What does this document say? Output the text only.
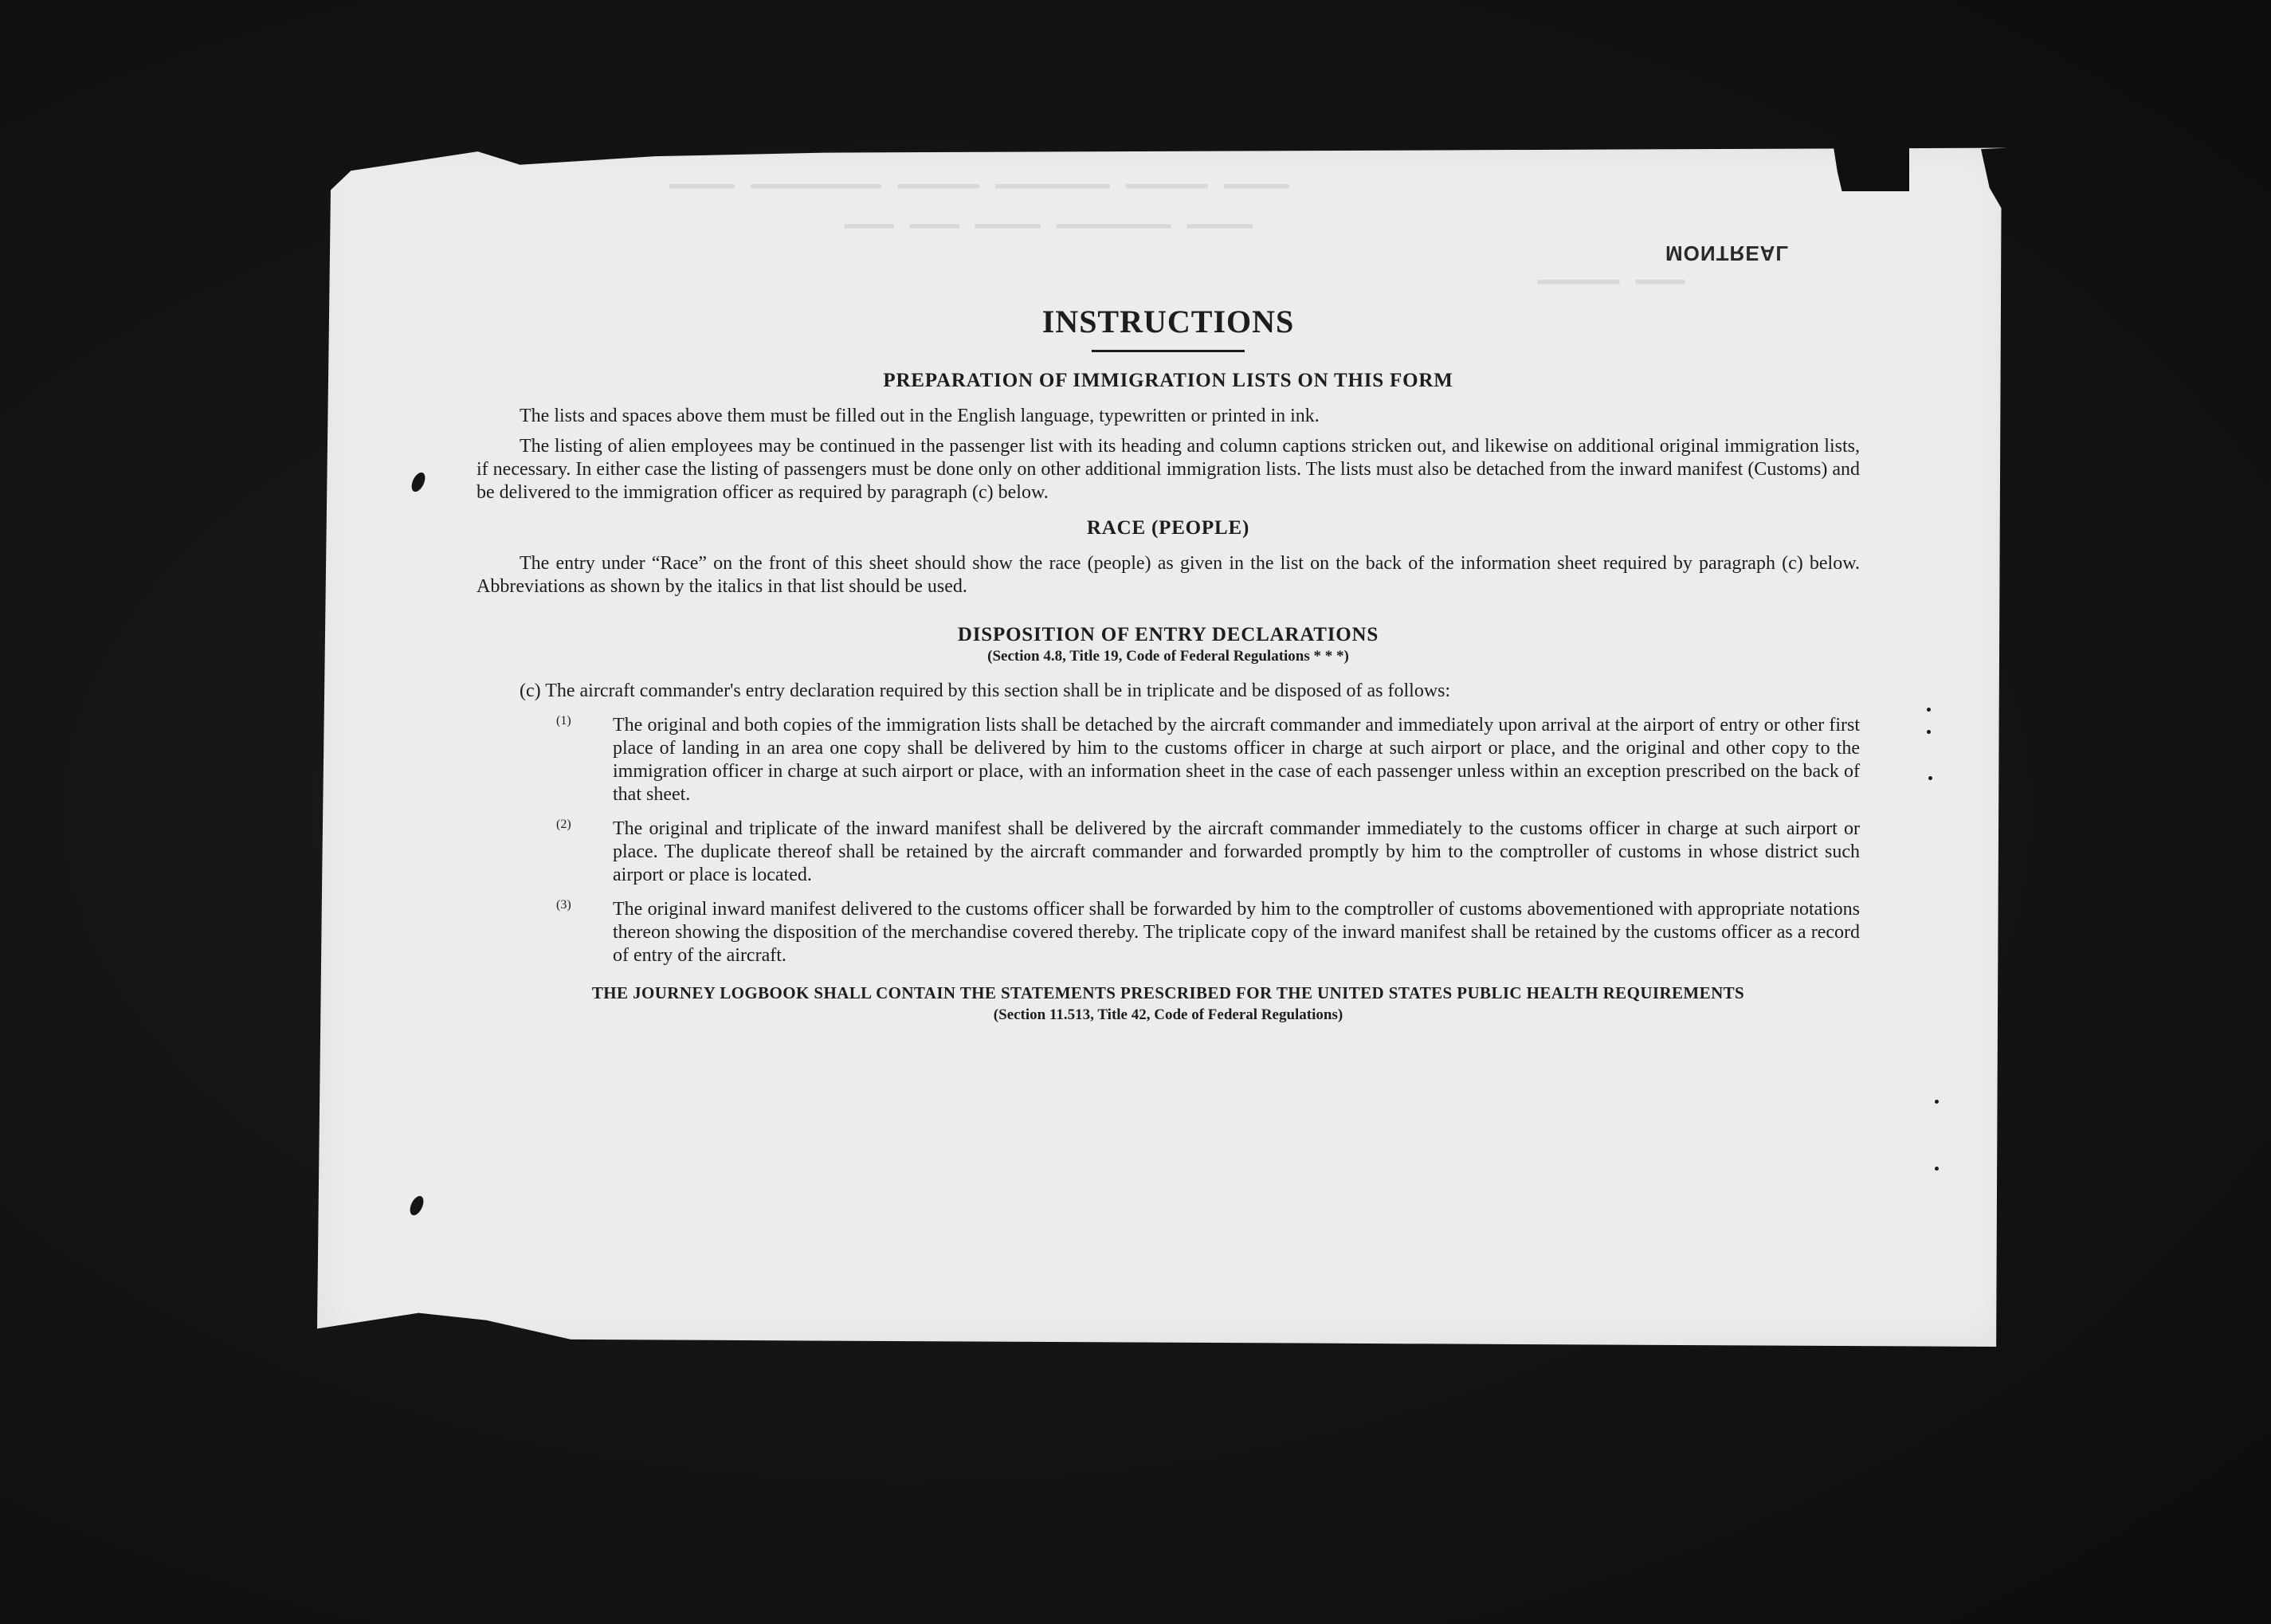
▔▔▔▔ ▔▔▔▔▔▔▔▔ ▔▔▔▔▔ ▔▔▔▔▔▔▔ ▔▔▔▔▔ ▔▔▔▔
▔▔▔ ▔▔▔ ▔▔▔▔ ▔▔▔▔▔▔▔ ▔▔▔▔
▔▔▔▔▔ ▔▔▔
MONTREAL
INSTRUCTIONS
PREPARATION OF IMMIGRATION LISTS ON THIS FORM

The lists and spaces above them must be filled out in the English language, typewritten or printed in ink.

The listing of alien employees may be continued in the passenger list with its heading and column captions stricken out, and likewise on additional original immigration lists, if necessary. In either case the listing of passengers must be done only on other additional immigration lists. The lists must also be detached from the inward manifest (Customs) and be delivered to the immigration officer as required by paragraph (c) below.

RACE (PEOPLE)

The entry under “Race” on the front of this sheet should show the race (people) as given in the list on the back of the information sheet required by paragraph (c) below. Abbreviations as shown by the italics in that list should be used.

DISPOSITION OF ENTRY DECLARATIONS
(Section 4.8, Title 19, Code of Federal Regulations * * *)

(c) The aircraft commander's entry declaration required by this section shall be in triplicate and be disposed of as follows:

(1) The original and both copies of the immigration lists shall be detached by the aircraft commander and immediately upon arrival at the airport of entry or other first place of landing in an area one copy shall be delivered by him to the customs officer in charge at such airport or place, and the original and other copy to the immigration officer in charge at such airport or place, with an information sheet in the case of each passenger unless within an exception prescribed on the back of that sheet.

(2) The original and triplicate of the inward manifest shall be delivered by the aircraft commander immediately to the customs officer in charge at such airport or place. The duplicate thereof shall be retained by the aircraft commander and forwarded promptly by him to the comptroller of customs in whose district such airport or place is located.

(3) The original inward manifest delivered to the customs officer shall be forwarded by him to the comptroller of customs abovementioned with appropriate notations thereon showing the disposition of the merchandise covered thereby. The triplicate copy of the inward manifest shall be retained by the customs officer as a record of entry of the aircraft.

THE JOURNEY LOGBOOK SHALL CONTAIN THE STATEMENTS PRESCRIBED FOR THE UNITED STATES PUBLIC HEALTH REQUIREMENTS
(Section 11.513, Title 42, Code of Federal Regulations)
